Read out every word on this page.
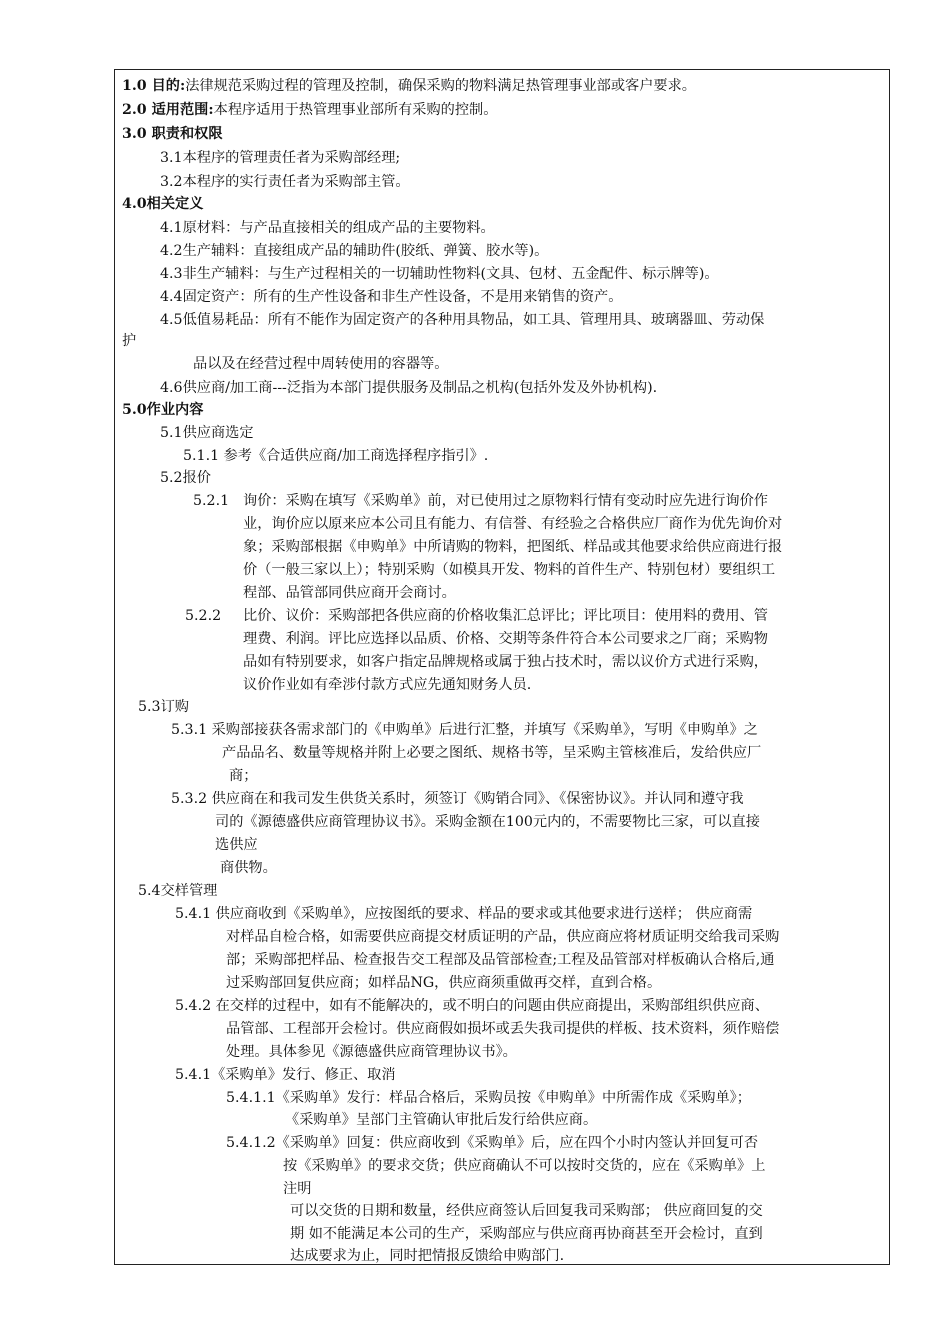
1.0 目的:法律规范采购过程的管理及控制，确保采购的物料满足热管理事业部或客户要求。
2.0 适用范围:本程序适用于热管理事业部所有采购的控制。
3.0 职责和权限
3.1本程序的管理责任者为采购部经理;
3.2本程序的实行责任者为采购部主管。
4.0相关定义
4.1原材料：与产品直接相关的组成产品的主要物料。
4.2生产辅料：直接组成产品的辅助件(胶纸、弹簧、胶水等)。
4.3非生产辅料：与生产过程相关的一切辅助性物料(文具、包材、五金配件、标示牌等)。
4.4固定资产：所有的生产性设备和非生产性设备，不是用来销售的资产。
4.5低值易耗品：所有不能作为固定资产的各种用具物品，如工具、管理用具、玻璃器皿、劳动保
护
品以及在经营过程中周转使用的容器等。
4.6供应商/加工商---泛指为本部门提供服务及制品之机构(包括外发及外协机构).
5.0作业内容
5.1供应商选定
5.1.1 参考《合适供应商/加工商选择程序指引》.
5.2报价
5.2.1 询价：采购在填写《采购单》前，对已使用过之原物料行情有变动时应先进行询价作
业，询价应以原来应本公司且有能力、有信誉、有经验之合格供应厂商作为优先询价对
象；采购部根据《申购单》中所请购的物料，把图纸、样品或其他要求给供应商进行报
价（一般三家以上）；特别采购（如模具开发、物料的首件生产、特别包材）要组织工
程部、品管部同供应商开会商讨。
5.2.2 比价、议价：采购部把各供应商的价格收集汇总评比；评比项目：使用料的费用、管
理费、利润。评比应选择以品质、价格、交期等条件符合本公司要求之厂商；采购物
品如有特别要求，如客户指定品牌规格或属于独占技术时，需以议价方式进行采购，
议价作业如有牵涉付款方式应先通知财务人员.
5.3订购
5.3.1 采购部接获各需求部门的《申购单》后进行汇整，并填写《采购单》，写明《申购单》之
产品品名、数量等规格并附上必要之图纸、规格书等，呈采购主管核准后，发给供应厂
商；
5.3.2 供应商在和我司发生供货关系时，须签订《购销合同》、《保密协议》。并认同和遵守我
司的《源德盛供应商管理协议书》。采购金额在100元内的，不需要物比三家，可以直接
选供应
商供物。
5.4交样管理
5.4.1 供应商收到《采购单》，应按图纸的要求、样品的要求或其他要求进行送样； 供应商需
对样品自检合格，如需要供应商提交材质证明的产品，供应商应将材质证明交给我司采购
部；采购部把样品、检查报告交工程部及品管部检查;工程及品管部对样板确认合格后,通
过采购部回复供应商；如样品NG，供应商须重做再交样，直到合格。
5.4.2 在交样的过程中，如有不能解决的，或不明白的问题由供应商提出，采购部组织供应商、
品管部、工程部开会检讨。供应商假如损坏或丢失我司提供的样板、技术资料，须作赔偿
处理。具体参见《源德盛供应商管理协议书》。
5.4.1《采购单》发行、修正、取消
5.4.1.1《采购单》发行：样品合格后，采购员按《申购单》中所需作成《采购单》；
《采购单》呈部门主管确认审批后发行给供应商。
5.4.1.2《采购单》回复：供应商收到《采购单》后，应在四个小时内签认并回复可否
按《采购单》的要求交货；供应商确认不可以按时交货的，应在《采购单》上
注明
可以交货的日期和数量，经供应商签认后回复我司采购部； 供应商回复的交
期 如不能满足本公司的生产，采购部应与供应商再协商甚至开会检讨，直到
达成要求为止，同时把情报反馈给申购部门.
